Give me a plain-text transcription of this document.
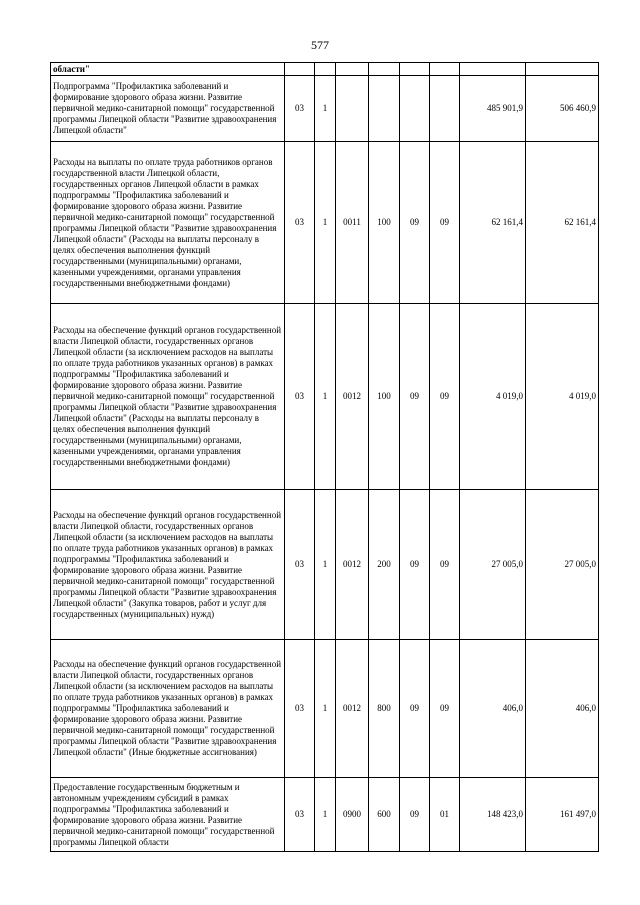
577
области"								
Подпрограмма "Профилактика заболеваний и формирование здорового образа жизни. Развитие первичной медико-санитарной помощи" государственной программы Липецкой области "Развитие здравоохранения Липецкой области"	03	1					485 901,9	506 460,9
Расходы на выплаты по оплате труда работников органов государственной власти Липецкой области, государственных органов Липецкой области в рамках подпрограммы "Профилактика заболеваний и формирование здорового образа жизни. Развитие первичной медико-санитарной помощи" государственной программы Липецкой области "Развитие здравоохранения Липецкой области" (Расходы на выплаты персоналу в целях обеспечения выполнения функций государственными (муниципальными) органами, казенными учреждениями, органами управления государственными внебюджетными фондами)	03	1	0011	100	09	09	62 161,4	62 161,4
Расходы на обеспечение функций органов государственной власти Липецкой области, государственных органов Липецкой области (за исключением расходов на выплаты по оплате труда работников указанных органов) в рамках подпрограммы "Профилактика заболеваний и формирование здорового образа жизни. Развитие первичной медико-санитарной помощи" государственной программы Липецкой области "Развитие здравоохранения Липецкой области" (Расходы на выплаты персоналу в целях обеспечения выполнения функций государственными (муниципальными) органами, казенными учреждениями, органами управления государственными внебюджетными фондами)	03	1	0012	100	09	09	4 019,0	4 019,0
Расходы на обеспечение функций органов государственной власти Липецкой области, государственных органов Липецкой области (за исключением расходов на выплаты по оплате труда работников указанных органов) в рамках подпрограммы "Профилактика заболеваний и формирование здорового образа жизни. Развитие первичной медико-санитарной помощи" государственной программы Липецкой области "Развитие здравоохранения Липецкой области" (Закупка товаров, работ и услуг для государственных (муниципальных) нужд)	03	1	0012	200	09	09	27 005,0	27 005,0
Расходы на обеспечение функций органов государственной власти Липецкой области, государственных органов Липецкой области (за исключением расходов на выплаты по оплате труда работников указанных органов) в рамках подпрограммы "Профилактика заболеваний и формирование здорового образа жизни. Развитие первичной медико-санитарной помощи" государственной программы Липецкой области "Развитие здравоохранения Липецкой области" (Иные бюджетные ассигнования)	03	1	0012	800	09	09	406,0	406,0
Предоставление государственным бюджетным и автономным учреждениям субсидий в рамках подпрограммы "Профилактика заболеваний и формирование здорового образа жизни. Развитие первичной медико-санитарной помощи" государственной программы Липецкой области	03	1	0900	600	09	01	148 423,0	161 497,0
